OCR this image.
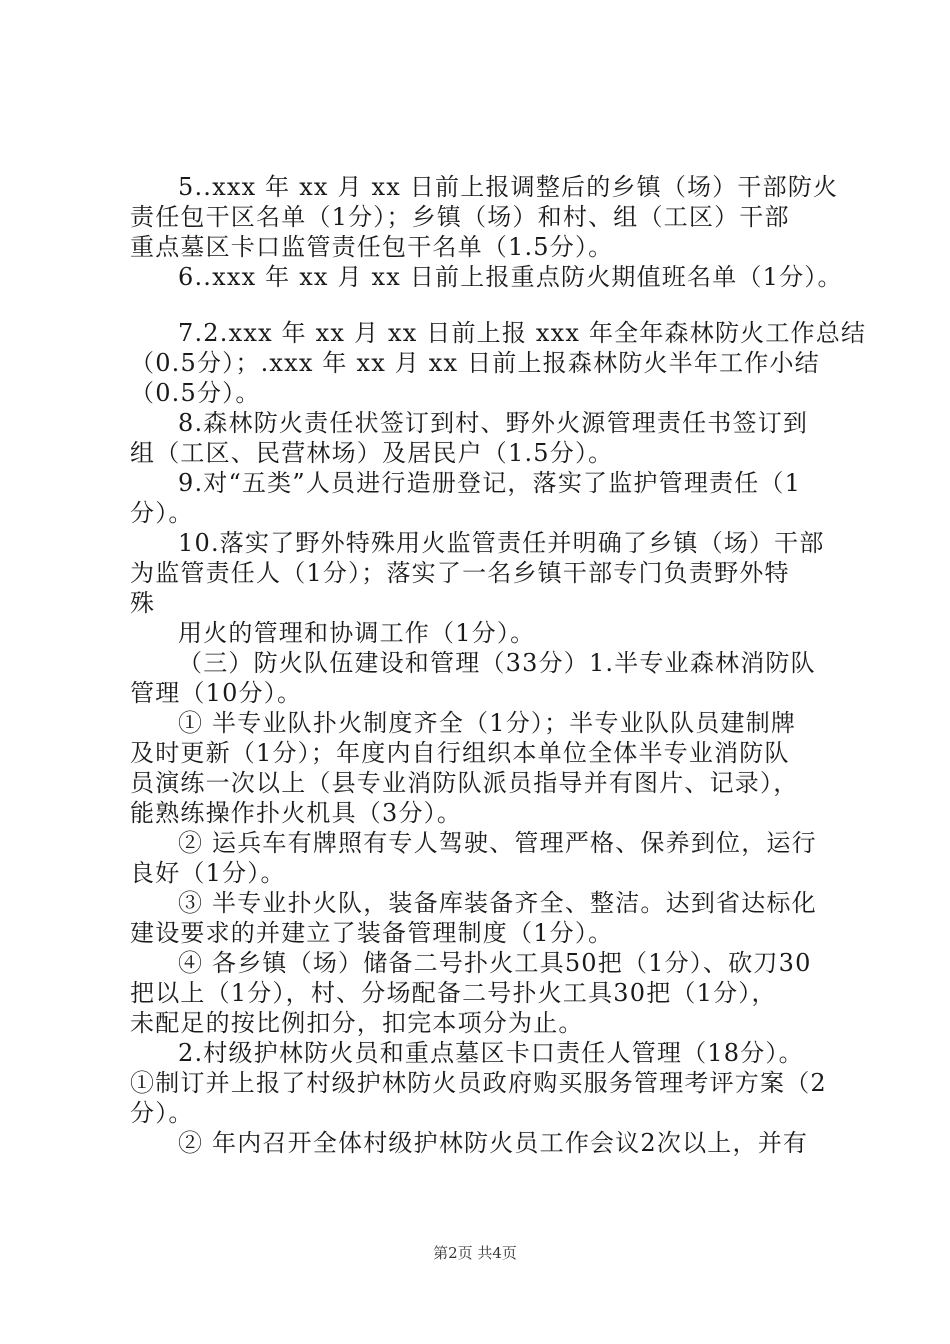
5..xxx 年 xx 月 xx 日前上报调整后的乡镇（场）干部防火
责任包干区名单（1分）；乡镇（场）和村、组（工区）干部
重点墓区卡口监管责任包干名单（1.5分）。
6..xxx 年 xx 月 xx 日前上报重点防火期值班名单（1分）。
7.2.xxx 年 xx 月 xx 日前上报 xxx 年全年森林防火工作总结
（0.5分）；.xxx 年 xx 月 xx 日前上报森林防火半年工作小结
（0.5分）。
8.森林防火责任状签订到村、野外火源管理责任书签订到
组（工区、民营林场）及居民户（1.5分）。
9.对“五类”人员进行造册登记，落实了监护管理责任（1
分）。
10.落实了野外特殊用火监管责任并明确了乡镇（场）干部
为监管责任人（1分）；落实了一名乡镇干部专门负责野外特
殊
用火的管理和协调工作（1分）。
（三）防火队伍建设和管理（33分）1.半专业森林消防队
管理（10分）。
① 半专业队扑火制度齐全（1分）；半专业队队员建制牌
及时更新（1分）；年度内自行组织本单位全体半专业消防队
员演练一次以上（县专业消防队派员指导并有图片、记录），
能熟练操作扑火机具（3分）。
② 运兵车有牌照有专人驾驶、管理严格、保养到位，运行
良好（1分）。
③ 半专业扑火队，装备库装备齐全、整洁。达到省达标化
建设要求的并建立了装备管理制度（1分）。
④ 各乡镇（场）储备二号扑火工具50把（1分）、砍刀30
把以上（1分），村、分场配备二号扑火工具30把（1分），
未配足的按比例扣分，扣完本项分为止。
2.村级护林防火员和重点墓区卡口责任人管理（18分）。
①制订并上报了村级护林防火员政府购买服务管理考评方案（2
分）。
② 年内召开全体村级护林防火员工作会议2次以上，并有
第2页 共4页
